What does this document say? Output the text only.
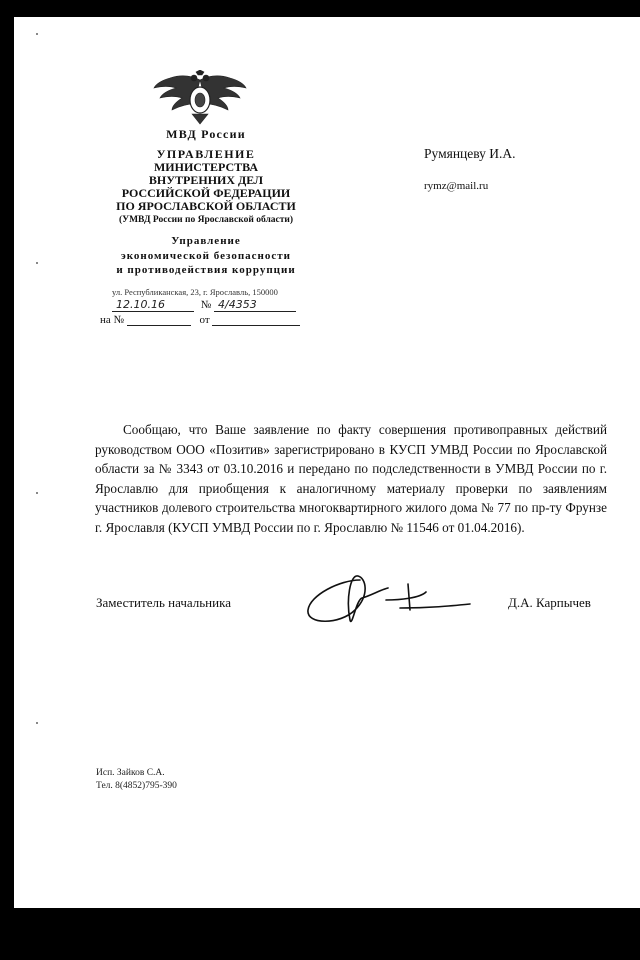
МВД России
УПРАВЛЕНИЕ
МИНИСТЕРСТВА
ВНУТРЕННИХ ДЕЛ
РОССИЙСКОЙ ФЕДЕРАЦИИ
ПО ЯРОСЛАВСКОЙ ОБЛАСТИ
(УМВД России по Ярославской области)
Управление
экономической безопасности
и противодействия коррупции
ул. Республиканская, 23, г. Ярославль, 150000
12.10.16	№ 4/4353
на №	от
Румянцеву И.А.
rymz@mail.ru
Сообщаю, что Ваше заявление по факту совершения противоправных действий руководством ООО «Позитив» зарегистрировано в КУСП УМВД России по Ярославской области за № 3343 от 03.10.2016 и передано по подследственности в УМВД России по г. Ярославлю для приобщения к аналогичному материалу проверки по заявлениям участников долевого строительства многоквартирного жилого дома № 77 по пр-ту Фрунзе г. Ярославля (КУСП УМВД России по г. Ярославлю № 11546 от 01.04.2016).
Заместитель начальника	Д.А. Карпычев
Исп. Зайков С.А.
Тел. 8(4852)795-390
